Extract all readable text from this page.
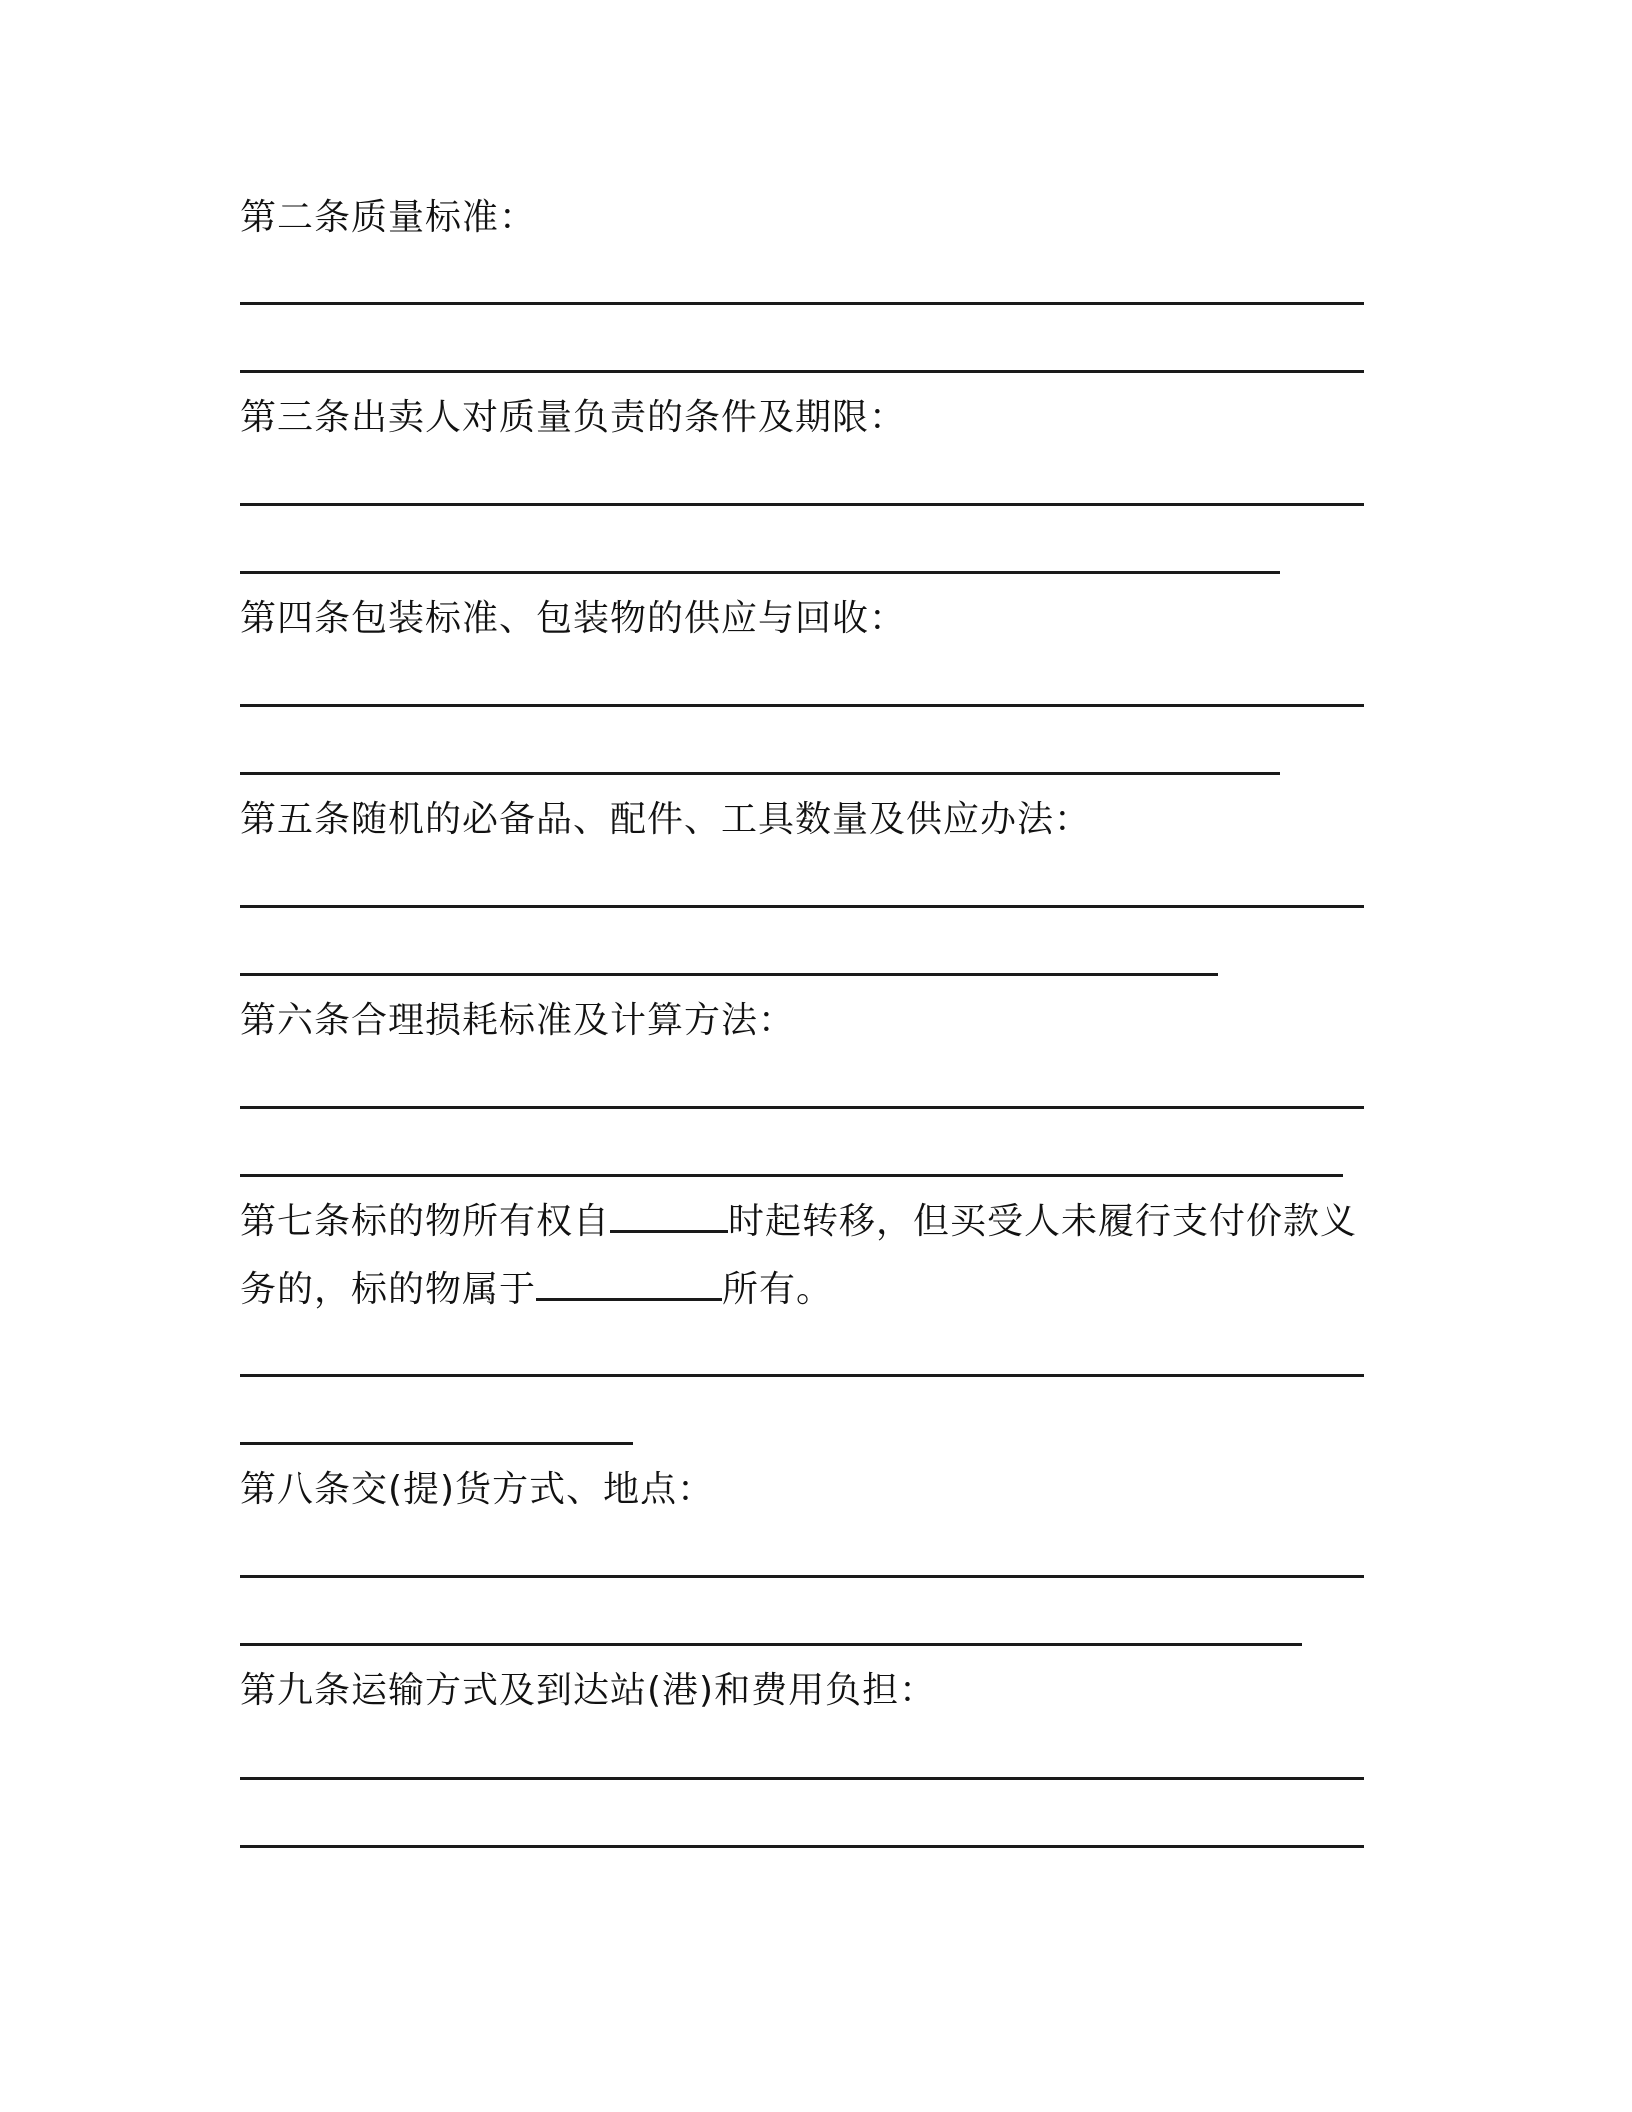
第二条质量标准：
第三条出卖人对质量负责的条件及期限：
第四条包装标准、包装物的供应与回收：
第五条随机的必备品、配件、工具数量及供应办法：
第六条合理损耗标准及计算方法：
第七条标的物所有权自	时起转移，但买受人未履行支付价款义
务的，标的物属于	所有。
第八条交(提)货方式、地点：
第九条运输方式及到达站(港)和费用负担：
